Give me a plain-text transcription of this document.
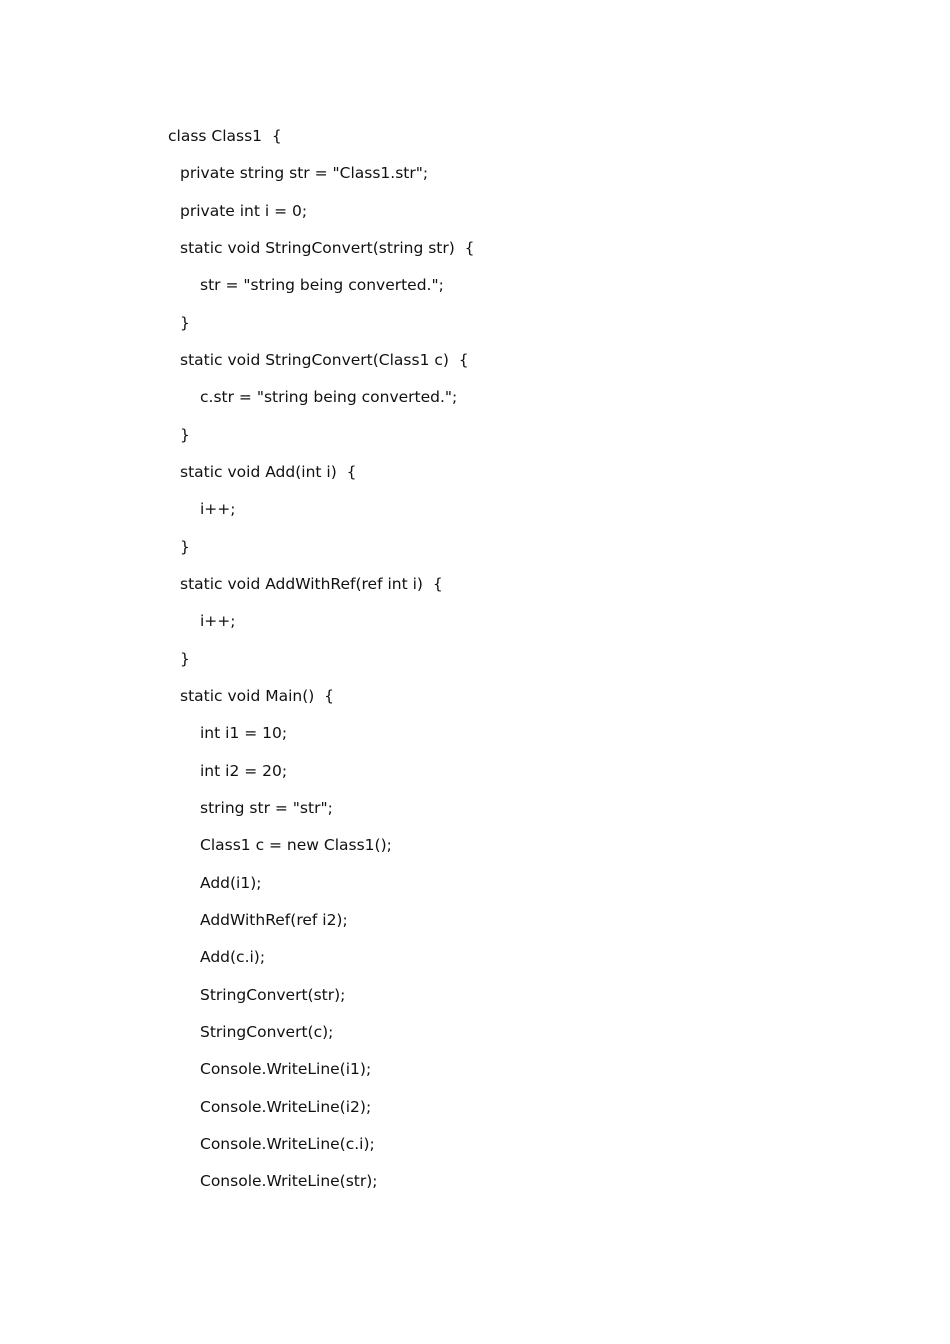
class Class1  {
private string str = "Class1.str";
private int i = 0;
static void StringConvert(string str)  {
str = "string being converted.";
}
static void StringConvert(Class1 c)  {
c.str = "string being converted.";
}
static void Add(int i)  {
i++;
}
static void AddWithRef(ref int i)  {
i++;
}
static void Main()  {
int i1 = 10;
int i2 = 20;
string str = "str";
Class1 c = new Class1();
Add(i1);
AddWithRef(ref i2);
Add(c.i);
StringConvert(str);
StringConvert(c);
Console.WriteLine(i1);
Console.WriteLine(i2);
Console.WriteLine(c.i);
Console.WriteLine(str);
